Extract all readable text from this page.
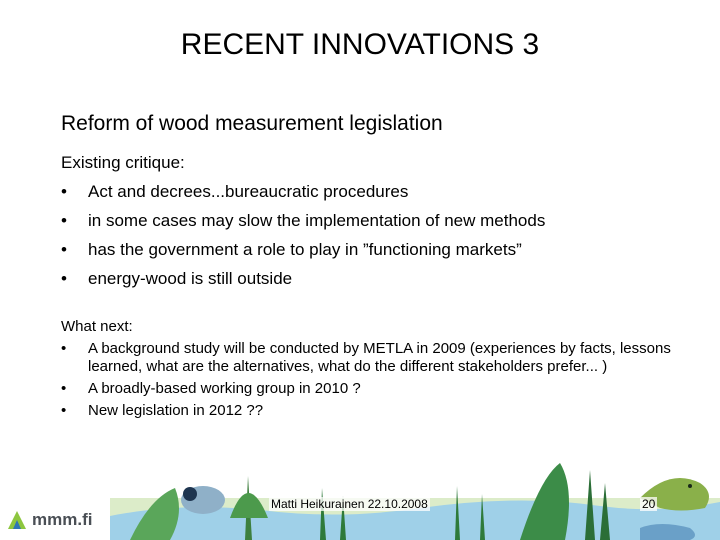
RECENT INNOVATIONS 3

Reform of wood measurement legislation

Existing critique:
• Act and decrees...bureaucratic procedures
• in some cases may slow the implementation of new methods
• has the government a role to play in ”functioning markets”
• energy-wood is still outside
What next:
• A background study will be conducted by METLA in 2009 (experiences by facts, lessons learned, what are the alternatives, what do the different stakeholders prefer... )
• A broadly-based working group in 2010 ?
• New legislation in 2012 ??
mmm.fi
Matti Heikurainen 22.10.2008	20
